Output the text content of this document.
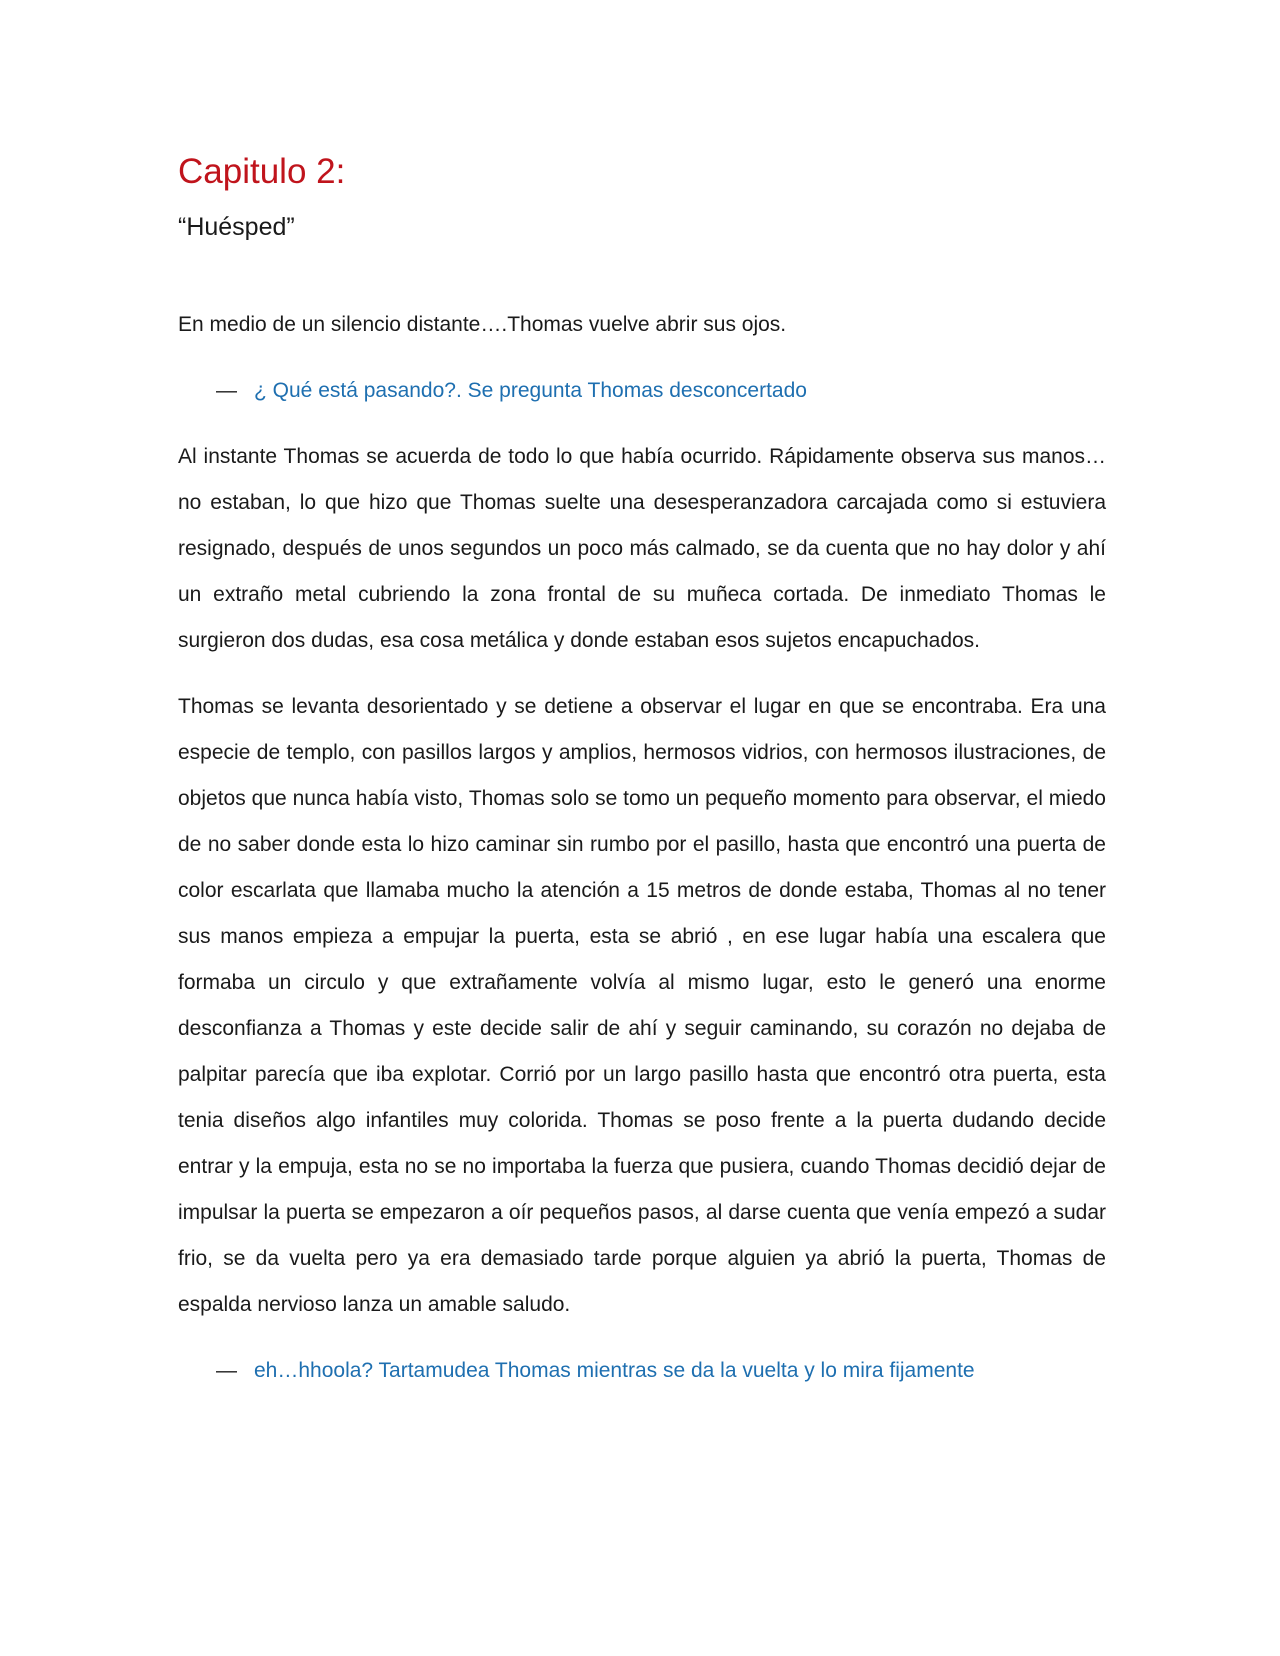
Capitulo 2:

“Huésped”

En medio de un silencio distante….Thomas vuelve abrir sus ojos.

— ¿ Qué está pasando?. Se pregunta Thomas desconcertado

Al instante Thomas se acuerda de todo lo que había ocurrido. Rápidamente observa sus manos…no estaban, lo que hizo que Thomas suelte una desesperanzadora carcajada como si estuviera resignado, después de unos segundos un poco más calmado, se da cuenta que no hay dolor y ahí un extraño metal cubriendo la zona frontal de su muñeca cortada. De inmediato Thomas le surgieron dos dudas, esa cosa metálica y donde estaban esos sujetos encapuchados.

Thomas se levanta desorientado y se detiene a observar el lugar en que se encontraba. Era una especie de templo, con pasillos largos y amplios, hermosos vidrios, con hermosos ilustraciones, de objetos que nunca había visto, Thomas solo se tomo un pequeño momento para observar, el miedo de no saber donde esta lo hizo caminar sin rumbo por el pasillo, hasta que encontró una puerta de color escarlata que llamaba mucho la atención a 15 metros de donde estaba, Thomas al no tener sus manos empieza a empujar la puerta, esta se abrió , en ese lugar había una escalera que formaba un circulo y que extrañamente volvía al mismo lugar, esto le generó una enorme desconfianza a Thomas y este decide salir de ahí y seguir caminando, su corazón no dejaba de palpitar parecía que iba explotar. Corrió por un largo pasillo hasta que encontró otra puerta, esta tenia diseños algo infantiles muy colorida. Thomas se poso frente a la puerta dudando decide entrar y la empuja, esta no se no importaba la fuerza que pusiera, cuando Thomas decidió dejar de impulsar la puerta se empezaron a oír pequeños pasos, al darse cuenta que venía empezó a sudar frio, se da vuelta pero ya era demasiado tarde porque alguien ya abrió la puerta, Thomas de espalda nervioso lanza un amable saludo.

— eh…hhoola? Tartamudea Thomas mientras se da la vuelta y lo mira fijamente
